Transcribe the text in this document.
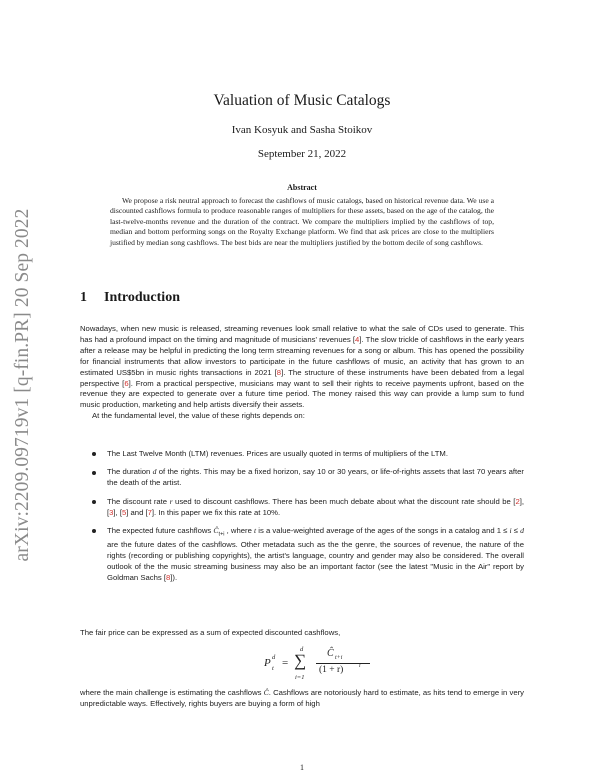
arXiv:2209.09719v1 [q-fin.PR] 20 Sep 2022
Valuation of Music Catalogs
Ivan Kosyuk and Sasha Stoikov
September 21, 2022
Abstract

We propose a risk neutral approach to forecast the cashflows of music catalogs, based on historical revenue data. We use a discounted cashflows formula to produce reasonable ranges of multipliers for these assets, based on the age of the catalog, the last-twelve-months revenue and the duration of the contract. We compare the multipliers implied by the cashflows of top, median and bottom performing songs on the Royalty Exchange platform. We find that ask prices are close to the multipliers justified by median song cashflows. The best bids are near the multipliers justified by the bottom decile of song cashflows.

1 Introduction

Nowadays, when new music is released, streaming revenues look small relative to what the sale of CDs used to generate. This has had a profound impact on the timing and magnitude of musicians' revenues [4]. The slow trickle of cashflows in the early years after a release may be helpful in predicting the long term streaming revenues for a song or album. This has opened the possibility for financial instruments that allow investors to participate in the future cashflows of music, an activity that has grown to an estimated US$5bn in music rights transactions in 2021 [8]. The structure of these instruments have been debated from a legal perspective [6]. From a practical perspective, musicians may want to sell their rights to receive payments upfront, based on the revenue they are expected to generate over a future time period. The money raised this way can provide a lump sum to fund music production, marketing and help artists diversify their assets.

At the fundamental level, the value of these rights depends on:

The Last Twelve Month (LTM) revenues. Prices are usually quoted in terms of multipliers of the LTM.
The duration d of the rights. This may be a fixed horizon, say 10 or 30 years, or life-of-rights assets that last 70 years after the death of the artist.
The discount rate r used to discount cashflows. There has been much debate about what the discount rate should be [2],[3], [5] and [7]. In this paper we fix this rate at 10%.
The expected future cashflows $Ĉ_{t+i}$ , where t is a value-weighted average of the ages of the songs in a catalog and 1 ≤ i ≤ d are the future dates of the cashflows. Other metadata such as the the genre, the sources of revenue, the nature of the rights (recording or publishing copyrights), the artist's language, country and gender may also be considered. The overall outlook of the the music streaming business may also be an important factor (see the latest "Music in the Air" report by Goldman Sachs [8]).

The fair price can be expressed as a sum of expected discounted cashflows,

P d
t =
d
∑
i=1
Ĉ t+i
(1 + r)	i

where the main challenge is estimating the cashflows Ĉ. Cashflows are notoriously hard to estimate, as hits tend to emerge in very unpredictable ways. Effectively, rights buyers are buying a form of high

1
